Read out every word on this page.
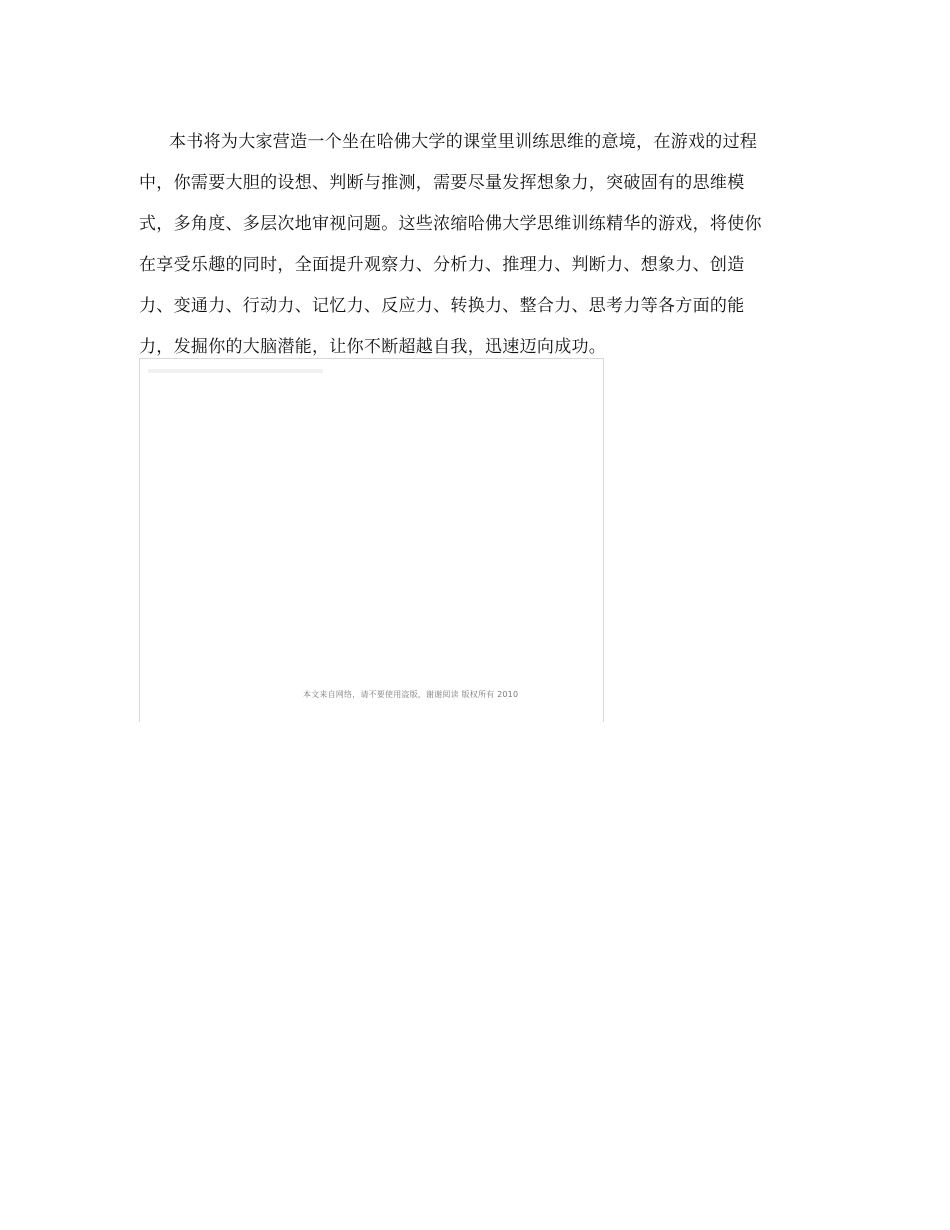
本书将为大家营造一个坐在哈佛大学的课堂里训练思维的意境，在游戏的过程
中，你需要大胆的设想、判断与推测，需要尽量发挥想象力，突破固有的思维模
式，多角度、多层次地审视问题。这些浓缩哈佛大学思维训练精华的游戏，将使你
在享受乐趣的同时，全面提升观察力、分析力、推理力、判断力、想象力、创造
力、变通力、行动力、记忆力、反应力、转换力、整合力、思考力等各方面的能
力，发掘你的大脑潜能，让你不断超越自我，迅速迈向成功。
本文来自网络，请不要使用盗版，谢谢阅读 版权所有 2010
